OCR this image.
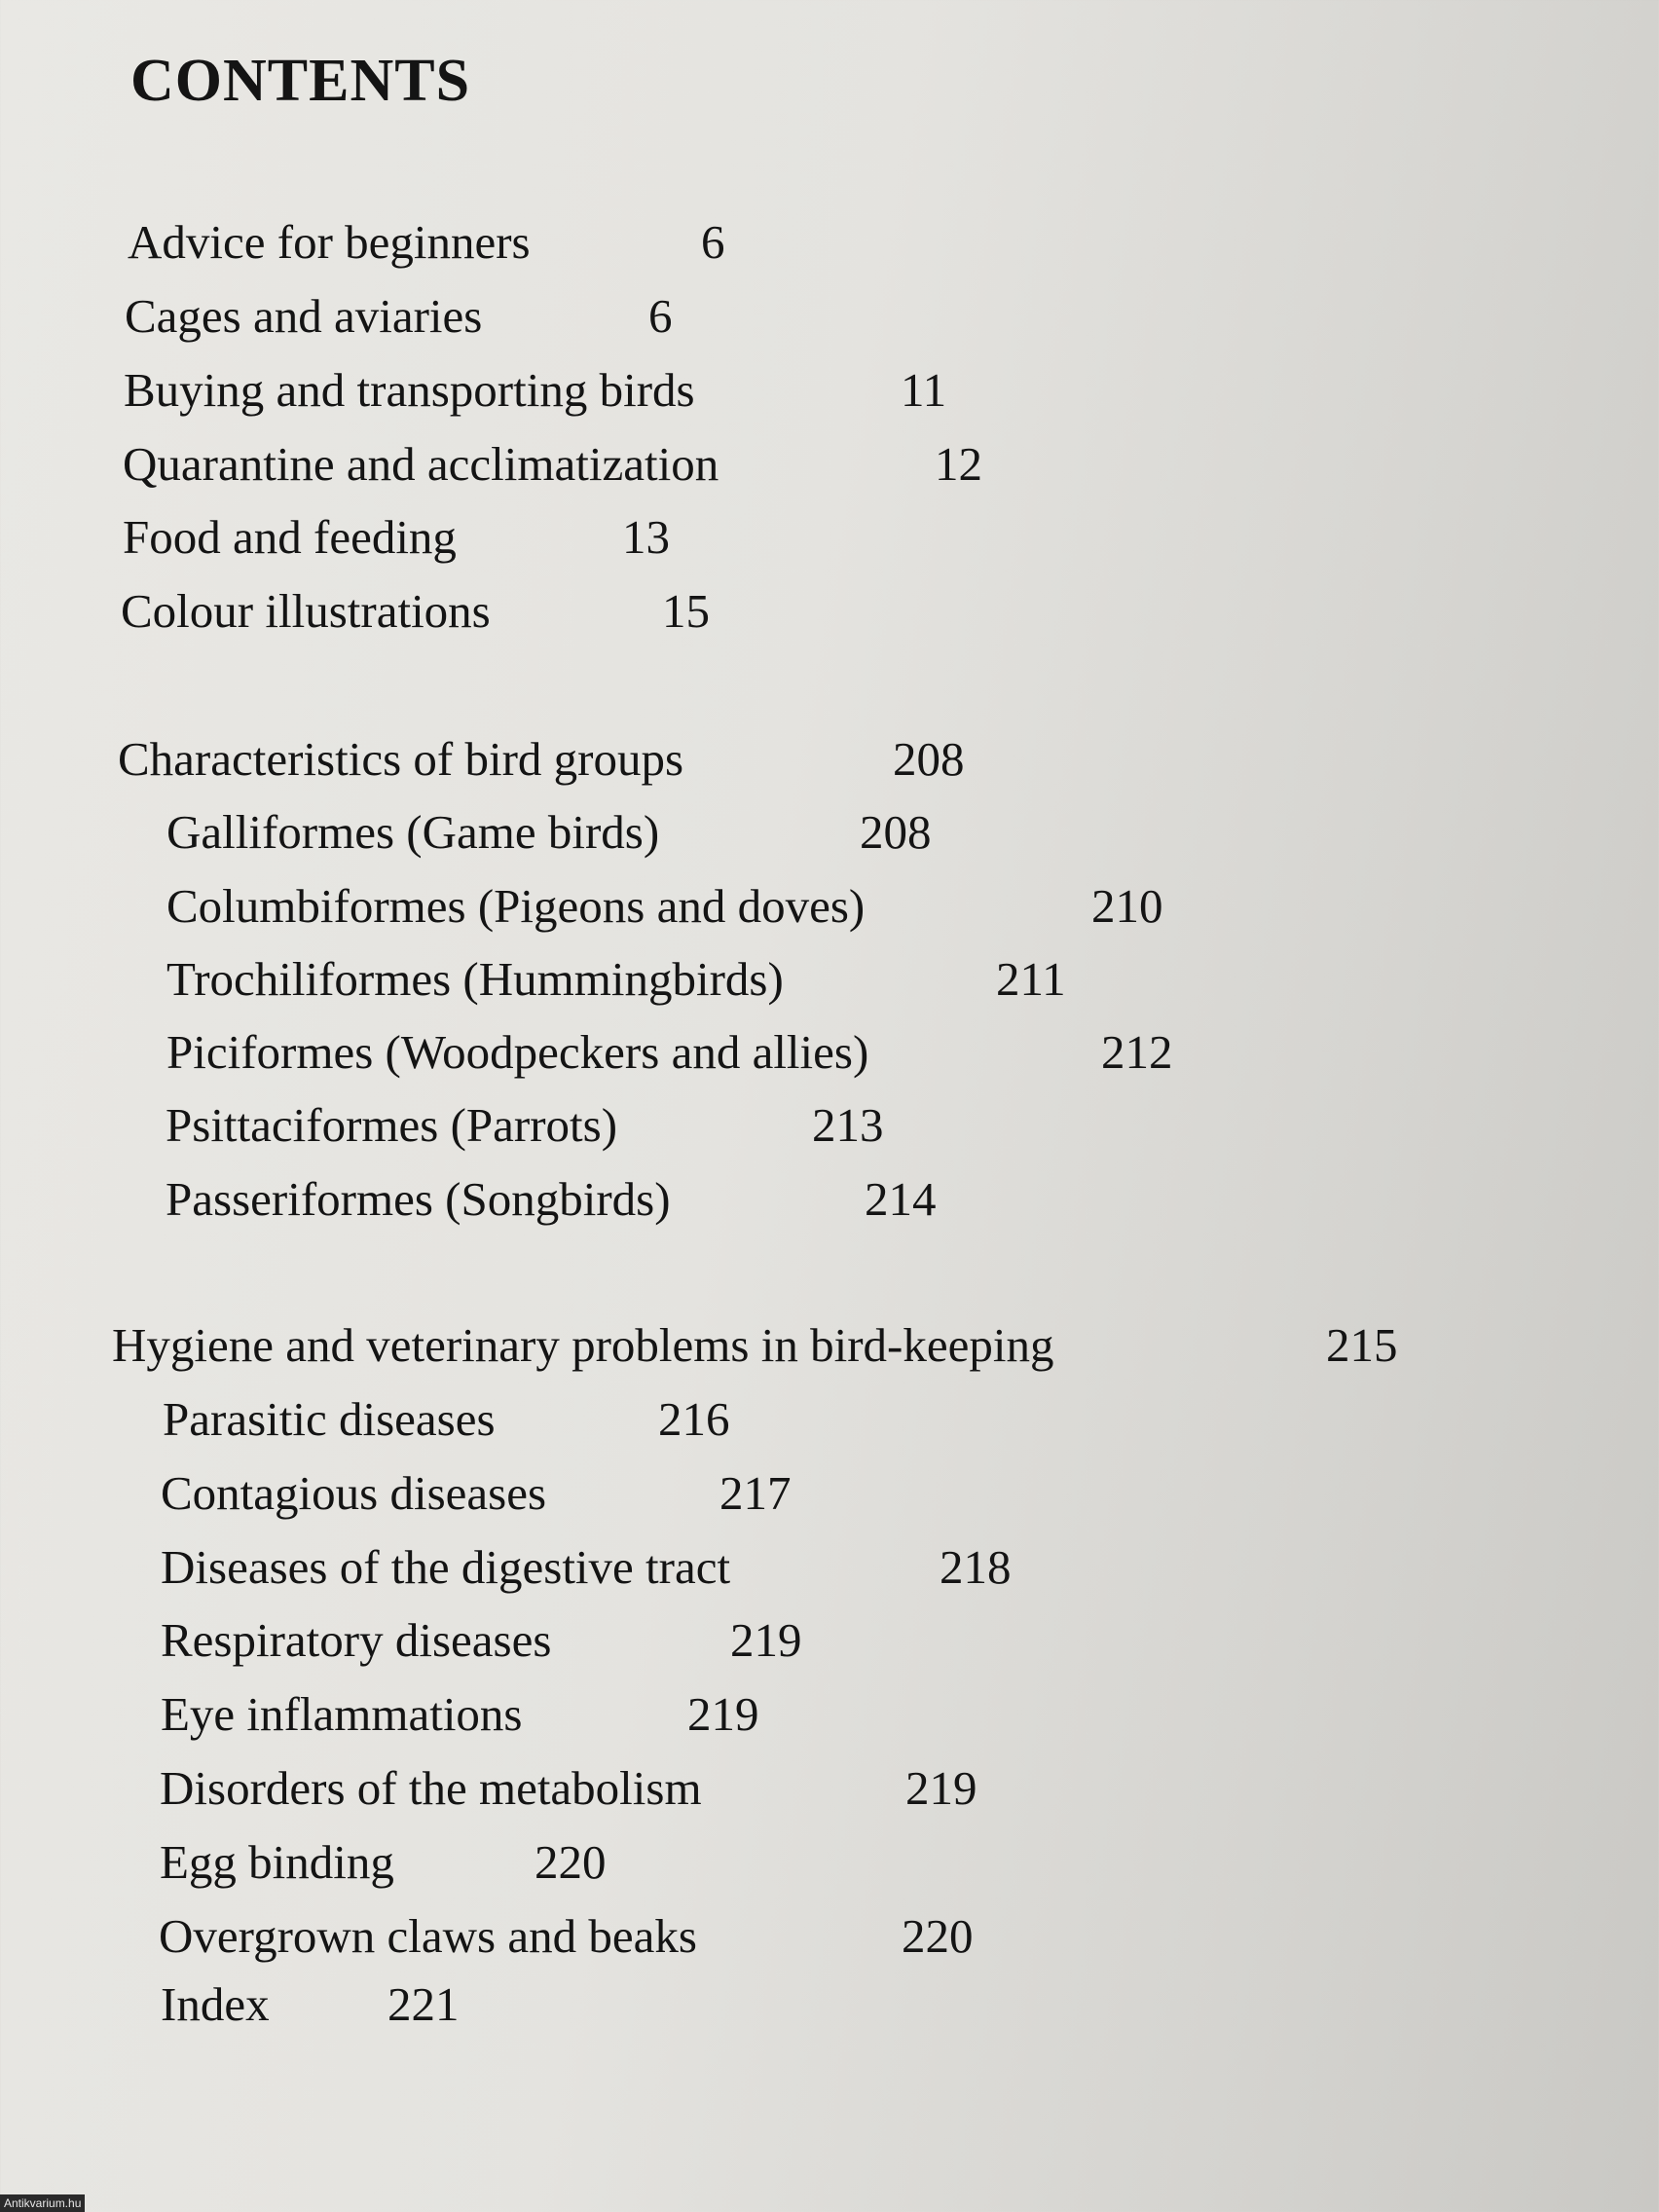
CONTENTS
Advice for beginners	6
Cages and aviaries	6
Buying and transporting birds	11
Quarantine and acclimatization	12
Food and feeding	13
Colour illustrations	15
Characteristics of bird groups	208
Galliformes (Game birds)	208
Columbiformes (Pigeons and doves)	210
Trochiliformes (Hummingbirds)	211
Piciformes (Woodpeckers and allies)	212
Psittaciformes (Parrots)	213
Passeriformes (Songbirds)	214
Hygiene and veterinary problems in bird-keeping	215
Parasitic diseases	216
Contagious diseases	217
Diseases of the digestive tract	218
Respiratory diseases	219
Eye inflammations	219
Disorders of the metabolism	219
Egg binding	220
Overgrown claws and beaks	220
Index 221
Antikvarium.hu
